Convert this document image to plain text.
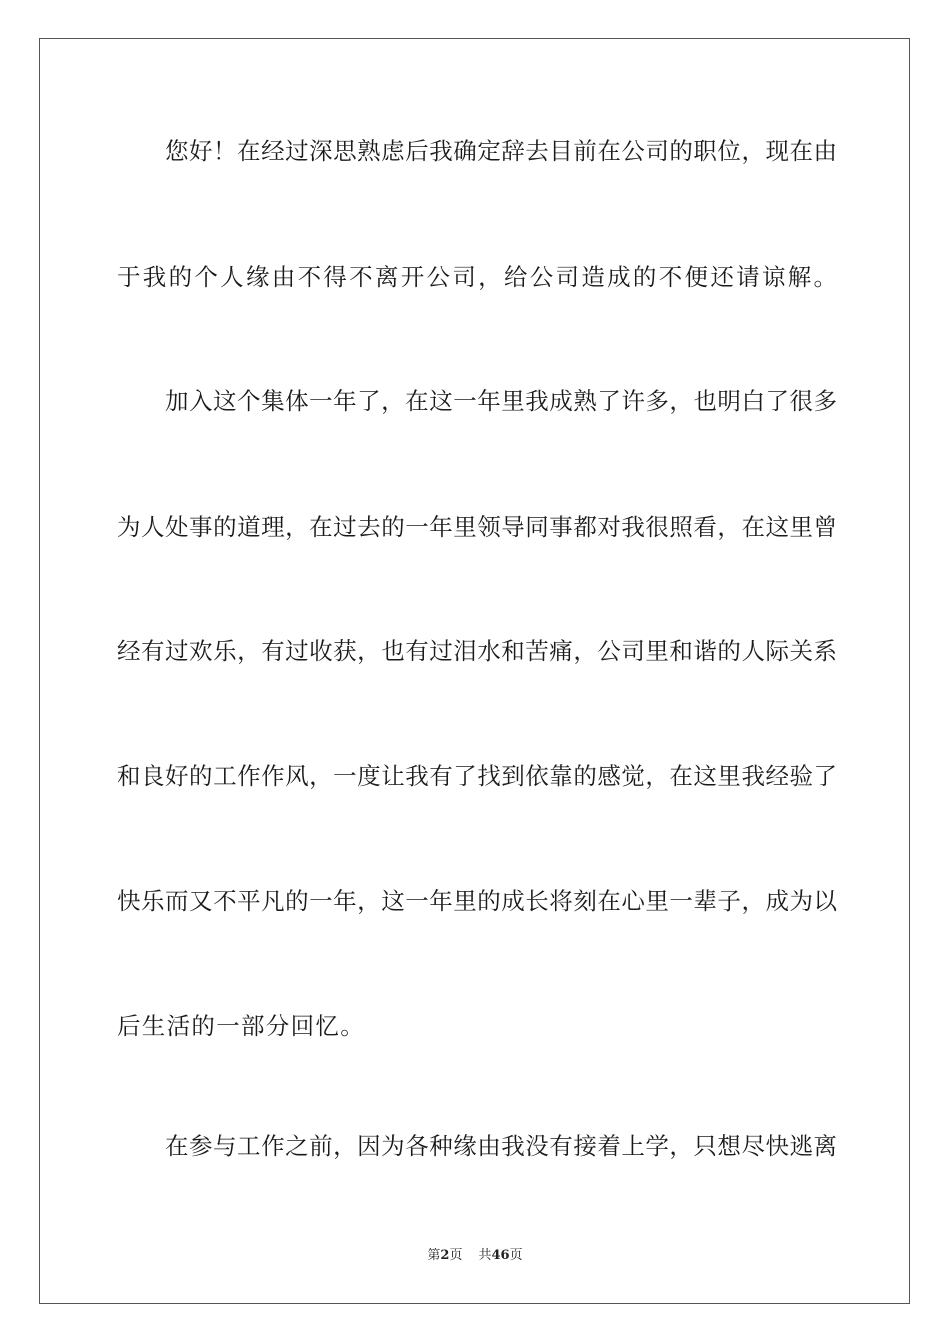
您好！在经过深思熟虑后我确定辞去目前在公司的职位，现在由
于我的个人缘由不得不离开公司，给公司造成的不便还请谅解。
加入这个集体一年了，在这一年里我成熟了许多，也明白了很多
为人处事的道理，在过去的一年里领导同事都对我很照看，在这里曾
经有过欢乐，有过收获，也有过泪水和苦痛，公司里和谐的人际关系
和良好的工作作风，一度让我有了找到依靠的感觉，在这里我经验了
快乐而又不平凡的一年，这一年里的成长将刻在心里一辈子，成为以
后生活的一部分回忆。
在参与工作之前，因为各种缘由我没有接着上学，只想尽快逃离
第2页 共46页
